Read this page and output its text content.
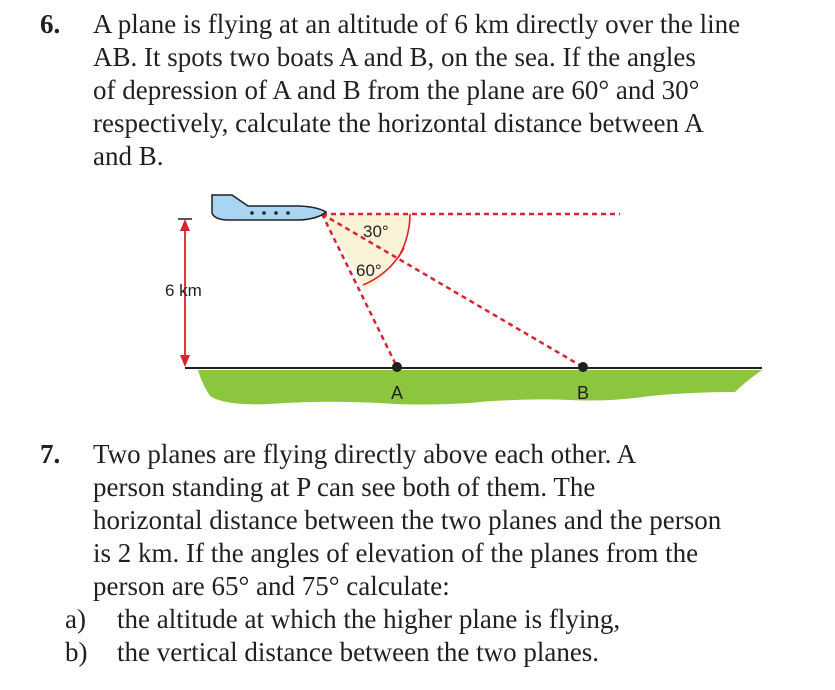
6. A plane is flying at an altitude of 6 km directly over the line
AB. It spots two boats A and B, on the sea. If the angles
of depression of A and B from the plane are 60° and 30°
respectively, calculate the horizontal distance between A
and B.
6 km
30°
60°
A	B
7. Two planes are flying directly above each other. A
person standing at P can see both of them. The
horizontal distance between the two planes and the person
is 2 km. If the angles of elevation of the planes from the
person are 65° and 75° calculate:
a) the altitude at which the higher plane is flying,
b) the vertical distance between the two planes.
